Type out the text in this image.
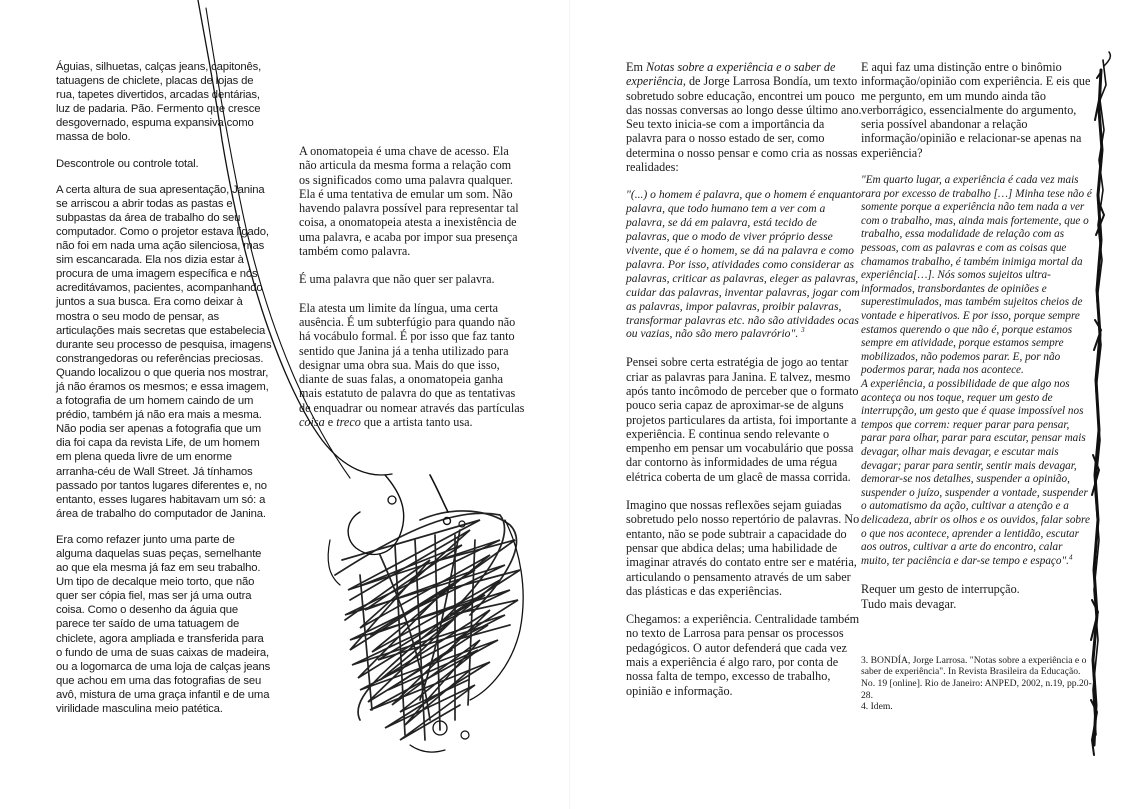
Águias, silhuetas, calças jeans, capitonês, tatuagens de chiclete, placas de lojas de rua, tapetes divertidos, arcadas dentárias, luz de padaria. Pão. Fermento que cresce desgovernado, espuma expansiva como massa de bolo.

Descontrole ou controle total.

A certa altura de sua apresentação, Janina se arriscou a abrir todas as pastas e subpastas da área de trabalho do seu computador. Como o projetor estava ligado, não foi em nada uma ação silenciosa, mas sim escancarada. Ela nos dizia estar à procura de uma imagem específica e nós acreditávamos, pacientes, acompanhando juntos a sua busca. Era como deixar à mostra o seu modo de pensar, as articulações mais secretas que estabelecia durante seu processo de pesquisa, imagens constrangedoras ou referências preciosas. Quando localizou o que queria nos mostrar, já não éramos os mesmos; e essa imagem, a fotografia de um homem caindo de um prédio, também já não era mais a mesma. Não podia ser apenas a fotografia que um dia foi capa da revista Life, de um homem em plena queda livre de um enorme arranha-céu de Wall Street. Já tínhamos passado por tantos lugares diferentes e, no entanto, esses lugares habitavam um só: a área de trabalho do computador de Janina.

Era como refazer junto uma parte de alguma daquelas suas peças, semelhante ao que ela mesma já faz em seu trabalho. Um tipo de decalque meio torto, que não quer ser cópia fiel, mas ser já uma outra coisa. Como o desenho da águia que parece ter saído de uma tatuagem de chiclete, agora ampliada e transferida para o fundo de uma de suas caixas de madeira, ou a logomarca de uma loja de calças jeans que achou em uma das fotografias de seu avô, mistura de uma graça infantil e de uma virilidade masculina meio patética.

A onomatopeia é uma chave de acesso. Ela não articula da mesma forma a relação com os significados como uma palavra qualquer. Ela é uma tentativa de emular um som. Não havendo palavra possível para representar tal coisa, a onomatopeia atesta a inexistência de uma palavra, e acaba por impor sua presença também como palavra.

É uma palavra que não quer ser palavra.

Ela atesta um limite da língua, uma certa ausência. É um subterfúgio para quando não há vocábulo formal. É por isso que faz tanto sentido que Janina já a tenha utilizado para designar uma obra sua. Mais do que isso, diante de suas falas, a onomatopeia ganha mais estatuto de palavra do que as tentativas de enquadrar ou nomear através das partículas coisa e treco que a artista tanto usa.

Em Notas sobre a experiência e o saber de experiência, de Jorge Larrosa Bondía, um texto sobretudo sobre educação, encontrei um pouco das nossas conversas ao longo desse último ano. Seu texto inicia-se com a importância da palavra para o nosso estado de ser, como determina o nosso pensar e como cria as nossas realidades:

"(...) o homem é palavra, que o homem é enquanto palavra, que todo humano tem a ver com a palavra, se dá em palavra, está tecido de palavras, que o modo de viver próprio desse vivente, que é o homem, se dá na palavra e como palavra. Por isso, atividades como considerar as palavras, criticar as palavras, eleger as palavras, cuidar das palavras, inventar palavras, jogar com as palavras, impor palavras, proibir palavras, transformar palavras etc. não são atividades ocas ou vazias, não são mero palavrório". $^3$

Pensei sobre certa estratégia de jogo ao tentar criar as palavras para Janina. E talvez, mesmo após tanto incômodo de perceber que o formato pouco seria capaz de aproximar-se de alguns projetos particulares da artista, foi importante a experiência. E continua sendo relevante o empenho em pensar um vocabulário que possa dar contorno às informidades de uma régua elétrica coberta de um glacê de massa corrida.

Imagino que nossas reflexões sejam guiadas sobretudo pelo nosso repertório de palavras. No entanto, não se pode subtrair a capacidade do pensar que abdica delas; uma habilidade de imaginar através do contato entre ser e matéria, articulando o pensamento através de um saber das plásticas e das experiências.

Chegamos: a experiência. Centralidade também no texto de Larrosa para pensar os processos pedagógicos. O autor defenderá que cada vez mais a experiência é algo raro, por conta de nossa falta de tempo, excesso de trabalho, opinião e informação.

E aqui faz uma distinção entre o binômio informação/opinião com experiência. E eis que me pergunto, em um mundo ainda tão verborrágico, essencialmente do argumento, seria possível abandonar a relação informação/opinião e relacionar-se apenas na experiência?

"Em quarto lugar, a experiência é cada vez mais rara por excesso de trabalho […] Minha tese não é somente porque a experiência não tem nada a ver com o trabalho, mas, ainda mais fortemente, que o trabalho, essa modalidade de relação com as pessoas, com as palavras e com as coisas que chamamos trabalho, é também inimiga mortal da experiência[…]. Nós somos sujeitos ultra-informados, transbordantes de opiniões e superestimulados, mas também sujeitos cheios de vontade e hiperativos. E por isso, porque sempre estamos querendo o que não é, porque estamos sempre em atividade, porque estamos sempre mobilizados, não podemos parar. E, por não podermos parar, nada nos acontece.
A experiência, a possibilidade de que algo nos aconteça ou nos toque, requer um gesto de interrupção, um gesto que é quase impossível nos tempos que correm: requer parar para pensar, parar para olhar, parar para escutar, pensar mais devagar, olhar mais devagar, e escutar mais devagar; parar para sentir, sentir mais devagar, demorar-se nos detalhes, suspender a opinião, suspender o juízo, suspender a vontade, suspender o automatismo da ação, cultivar a atenção e a delicadeza, abrir os olhos e os ouvidos, falar sobre o que nos acontece, aprender a lentidão, escutar aos outros, cultivar a arte do encontro, calar muito, ter paciência e dar-se tempo e espaço".$^4$

Requer um gesto de interrupção.
Tudo mais devagar.

3. BONDÍA, Jorge Larrosa. "Notas sobre a experiência e o saber de experiência". In Revista Brasileira da Educação. No. 19 [online]. Rio de Janeiro: ANPED, 2002, n.19, pp.20-28.
4. Idem.
